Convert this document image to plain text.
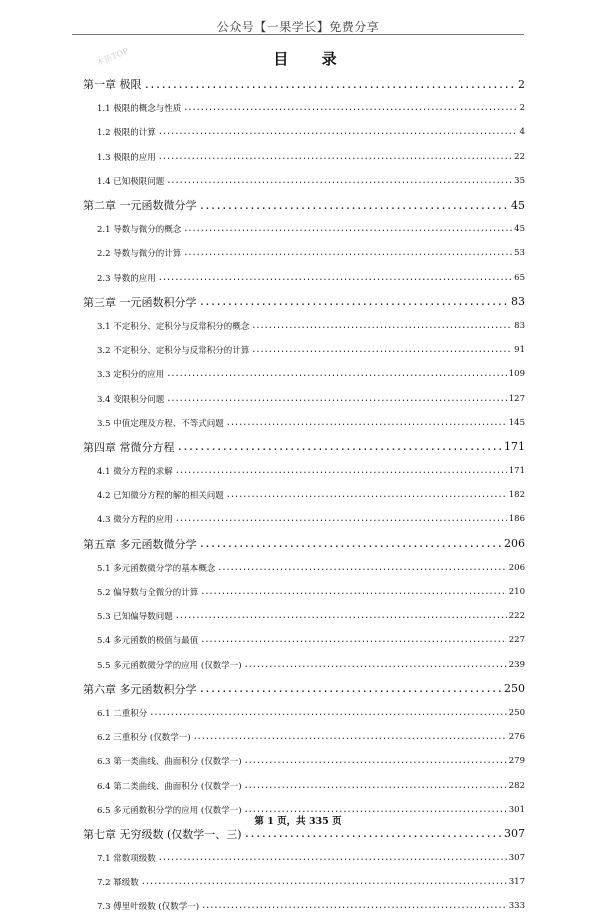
公众号【一果学长】免费分享
木笛TOP	目 录
第一章 极限 .....	2
1.1 极限的概念与性质 .....	2
1.2 极限的计算 .....	4
1.3 极限的应用 .....	22
1.4 已知极限问题 .....	35
第二章 一元函数微分学 .....	45
2.1 导数与微分的概念 .....	45
2.2 导数与微分的计算 .....	53
2.3 导数的应用 .....	65
第三章 一元函数积分学 .....	83
3.1 不定积分、定积分与反常积分的概念 .....	83
3.2 不定积分、定积分与反常积分的计算 .....	91
3.3 定积分的应用 .....	109
3.4 变限积分问题 .....	127
3.5 中值定理及方程、不等式问题 .....	145
第四章 常微分方程 .....	171
4.1 微分方程的求解 .....	171
4.2 已知微分方程的解的相关问题 .....	182
4.3 微分方程的应用 .....	186
第五章 多元函数微分学 .....	206
5.1 多元函数微分学的基本概念 .....	206
5.2 偏导数与全微分的计算 .....	210
5.3 已知偏导数问题 .....	222
5.4 多元函数的极值与最值 .....	227
5.5 多元函数微分学的应用 (仅数学一) .....	239
第六章 多元函数积分学 .....	250
6.1 二重积分 .....	250
6.2 三重积分 (仅数学一) .....	276
6.3 第一类曲线、曲面积分 (仅数学一) .....	279
6.4 第二类曲线、曲面积分 (仅数学一) .....	282
6.5 多元函数积分学的应用 (仅数学一) .....	301
第七章 无穷级数 (仅数学一、三) .....	307
7.1 常数项级数 .....	307
7.2 幂级数 .....	317
7.3 傅里叶级数 (仅数学一) .....	333
第 1 页，共 335 页
